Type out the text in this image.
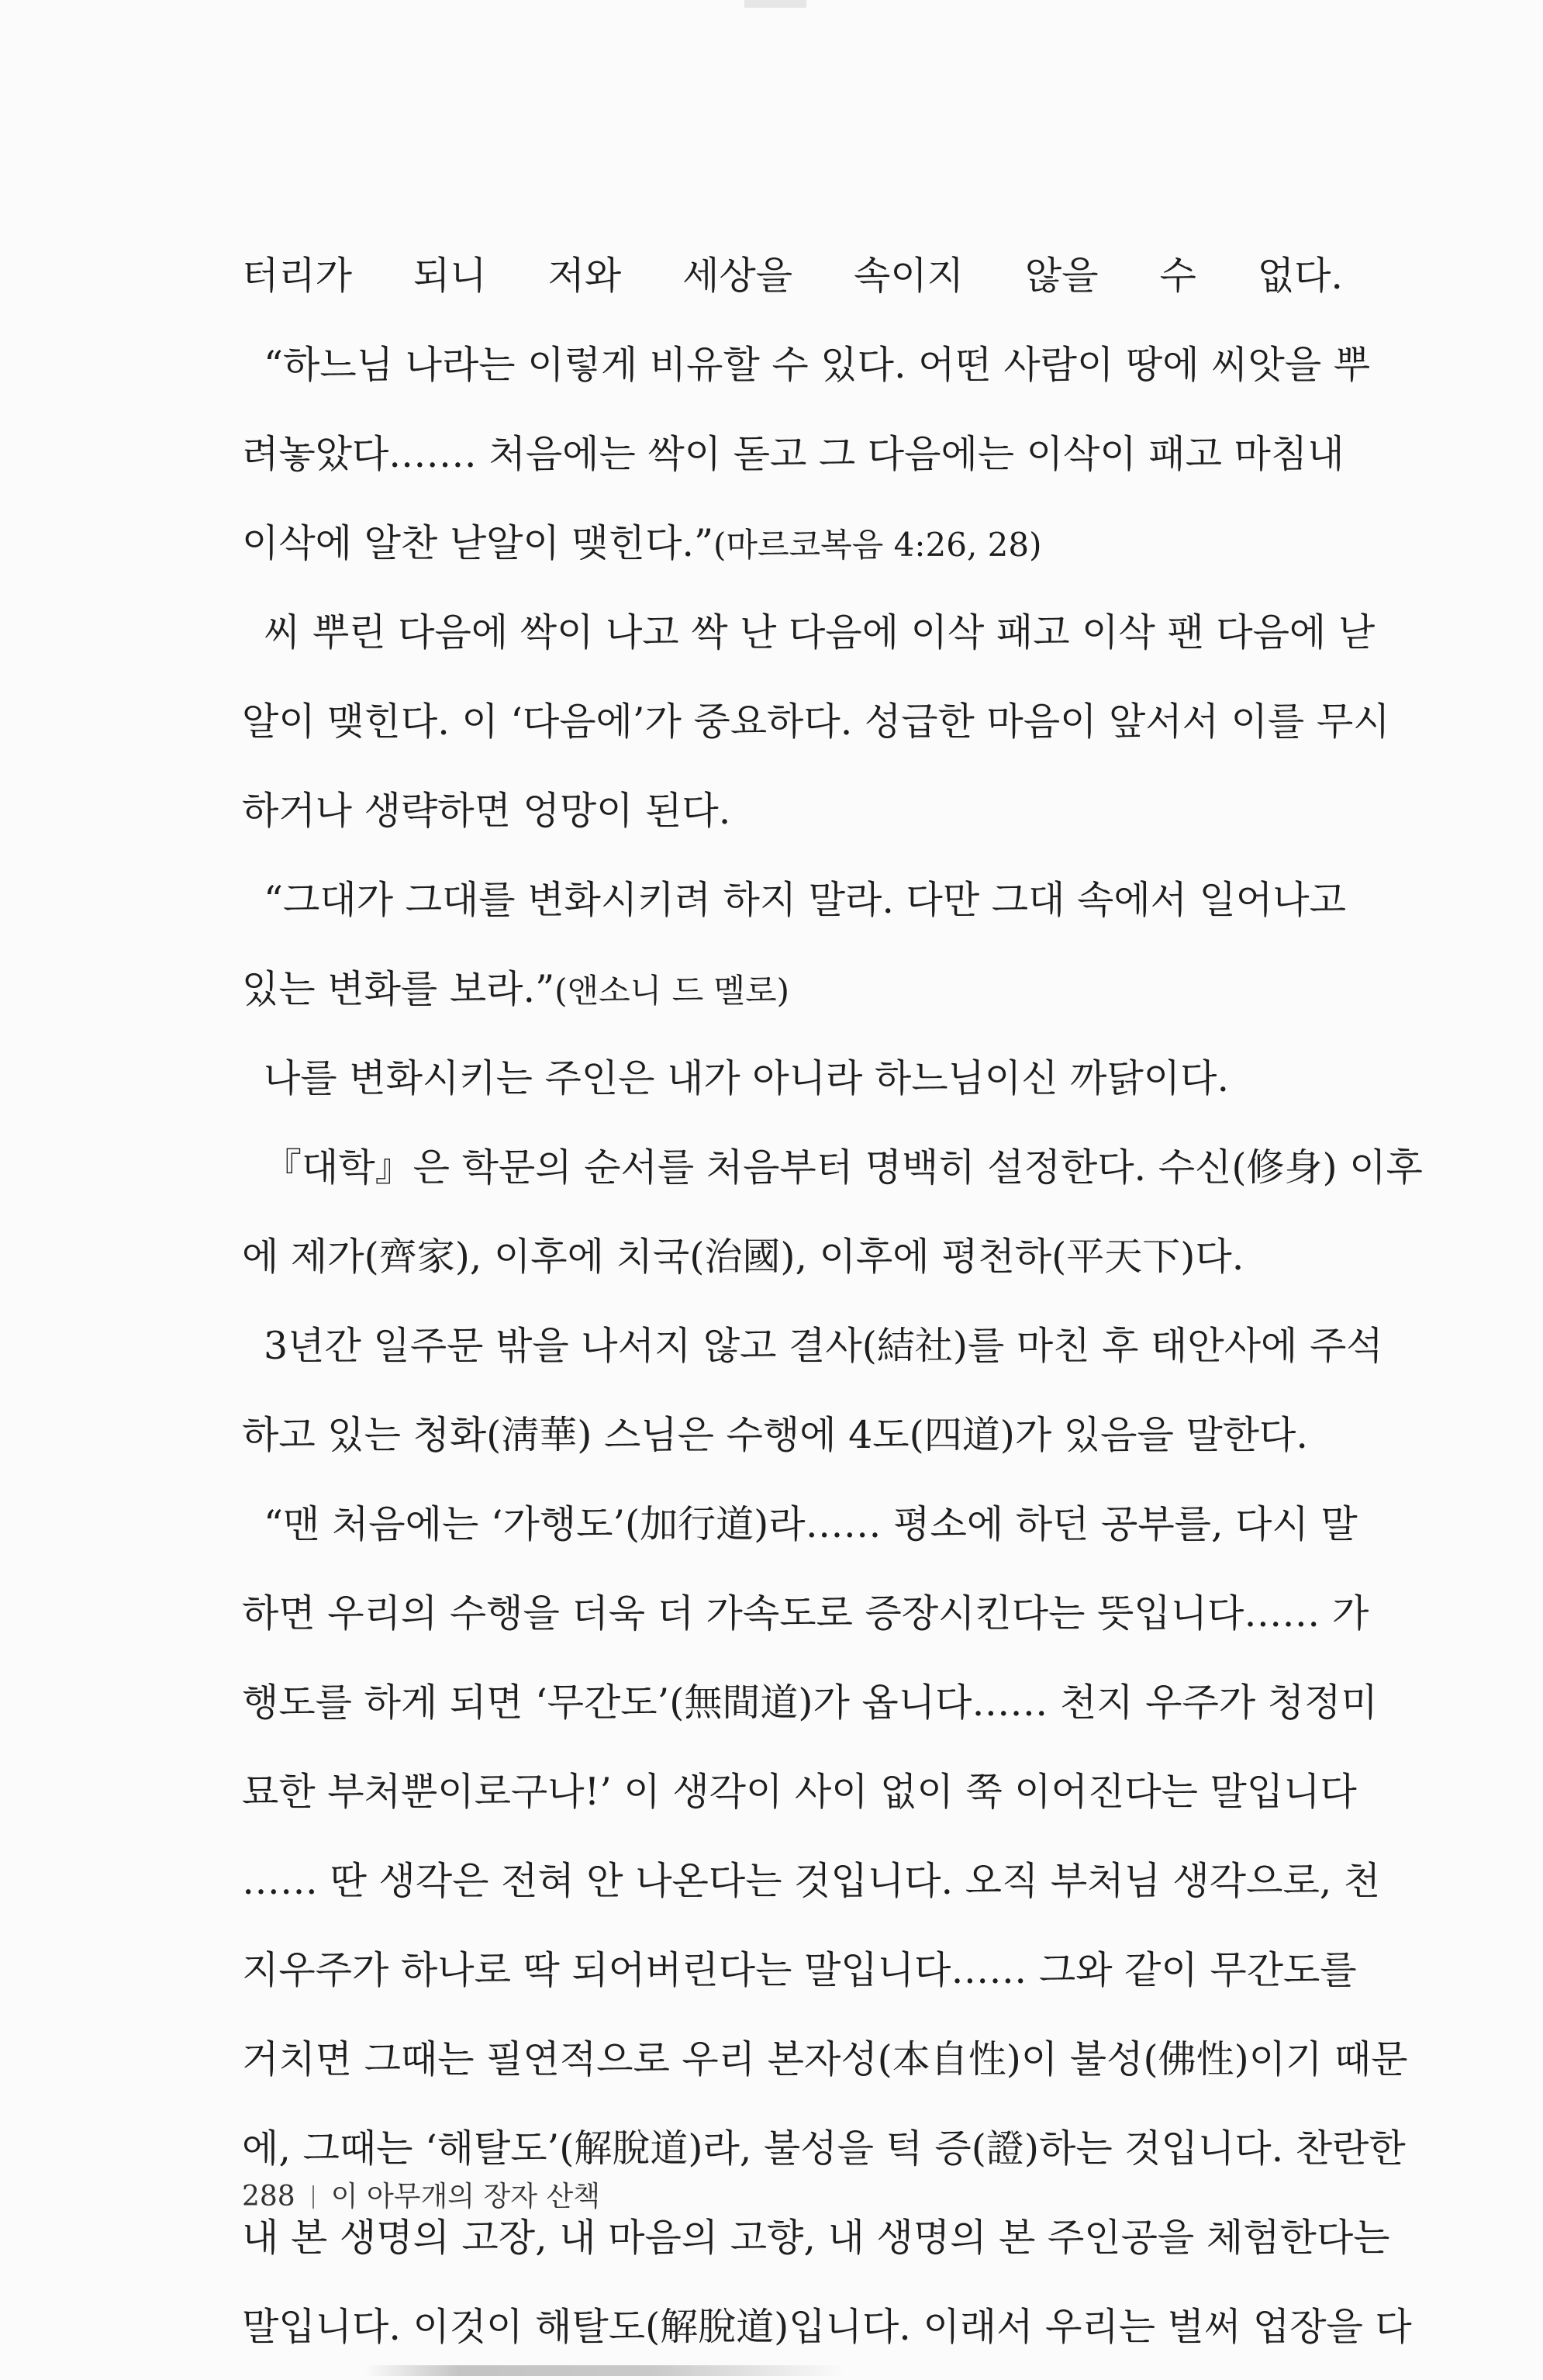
터리가 되니 저와 세상을 속이지 않을 수 없다.
“하느님 나라는 이렇게 비유할 수 있다. 어떤 사람이 땅에 씨앗을 뿌
려놓았다.…… 처음에는 싹이 돋고 그 다음에는 이삭이 패고 마침내
이삭에 알찬 낟알이 맺힌다.”(마르코복음 4:26, 28)
씨 뿌린 다음에 싹이 나고 싹 난 다음에 이삭 패고 이삭 팬 다음에 낟
알이 맺힌다. 이 ‘다음에’가 중요하다. 성급한 마음이 앞서서 이를 무시
하거나 생략하면 엉망이 된다.
“그대가 그대를 변화시키려 하지 말라. 다만 그대 속에서 일어나고
있는 변화를 보라.”(앤소니 드 멜로)
나를 변화시키는 주인은 내가 아니라 하느님이신 까닭이다.
『대학』은 학문의 순서를 처음부터 명백히 설정한다. 수신(修身) 이후
에 제가(齊家), 이후에 치국(治國), 이후에 평천하(平天下)다.
3년간 일주문 밖을 나서지 않고 결사(結社)를 마친 후 태안사에 주석
하고 있는 청화(淸華) 스님은 수행에 4도(四道)가 있음을 말한다.
“맨 처음에는 ‘가행도’(加行道)라…… 평소에 하던 공부를, 다시 말
하면 우리의 수행을 더욱 더 가속도로 증장시킨다는 뜻입니다…… 가
행도를 하게 되면 ‘무간도’(無間道)가 옵니다…… 천지 우주가 청정미
묘한 부처뿐이로구나!’ 이 생각이 사이 없이 쭉 이어진다는 말입니다
…… 딴 생각은 전혀 안 나온다는 것입니다. 오직 부처님 생각으로, 천
지우주가 하나로 딱 되어버린다는 말입니다…… 그와 같이 무간도를
거치면 그때는 필연적으로 우리 본자성(本自性)이 불성(佛性)이기 때문
에, 그때는 ‘해탈도’(解脫道)라, 불성을 턱 증(證)하는 것입니다. 찬란한
내 본 생명의 고장, 내 마음의 고향, 내 생명의 본 주인공을 체험한다는
말입니다. 이것이 해탈도(解脫道)입니다. 이래서 우리는 벌써 업장을 다
288 이 아무개의 장자 산책
